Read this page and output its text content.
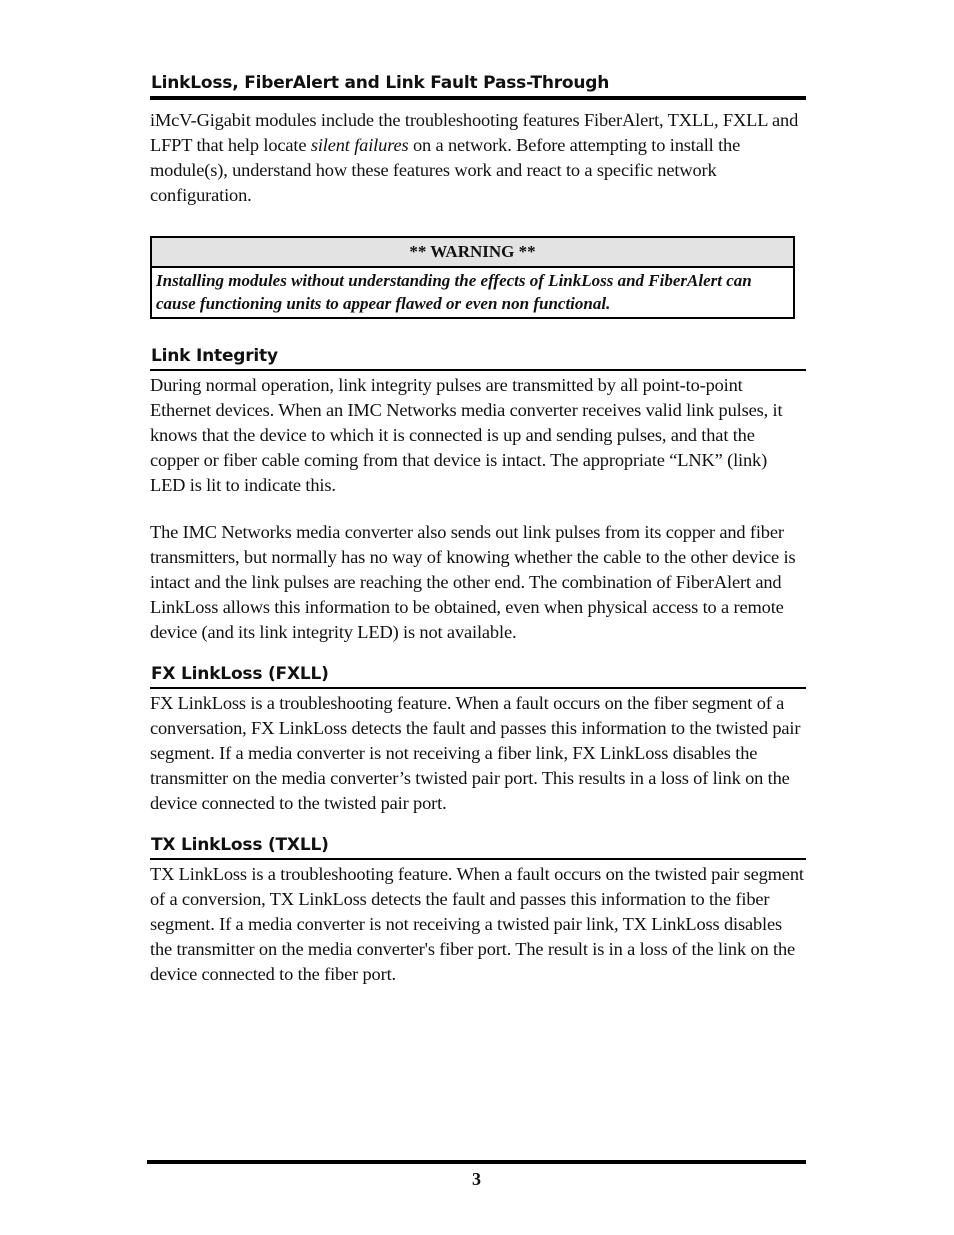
LinkLoss, FiberAlert and Link Fault Pass-Through

iMcV-Gigabit modules include the troubleshooting features FiberAlert, TXLL, FXLL and LFPT that help locate silent failures on a network. Before attempting to install the module(s), understand how these features work and react to a specific network configuration.

** WARNING **
Installing modules without understanding the effects of LinkLoss and FiberAlert can cause functioning units to appear flawed or even non functional.
Link Integrity

During normal operation, link integrity pulses are transmitted by all point-to-point Ethernet devices. When an IMC Networks media converter receives valid link pulses, it knows that the device to which it is connected is up and sending pulses, and that the copper or fiber cable coming from that device is intact. The appropriate “LNK” (link) LED is lit to indicate this.

The IMC Networks media converter also sends out link pulses from its copper and fiber transmitters, but normally has no way of knowing whether the cable to the other device is intact and the link pulses are reaching the other end. The combination of FiberAlert and LinkLoss allows this information to be obtained, even when physical access to a remote device (and its link integrity LED) is not available.

FX LinkLoss (FXLL)

FX LinkLoss is a troubleshooting feature. When a fault occurs on the fiber segment of a conversation, FX LinkLoss detects the fault and passes this information to the twisted pair segment. If a media converter is not receiving a fiber link, FX LinkLoss disables the transmitter on the media converter’s twisted pair port. This results in a loss of link on the device connected to the twisted pair port.

TX LinkLoss (TXLL)

TX LinkLoss is a troubleshooting feature. When a fault occurs on the twisted pair segment of a conversion, TX LinkLoss detects the fault and passes this information to the fiber segment. If a media converter is not receiving a twisted pair link, TX LinkLoss disables the transmitter on the media converter's fiber port. The result is in a loss of the link on the device connected to the fiber port.

3
